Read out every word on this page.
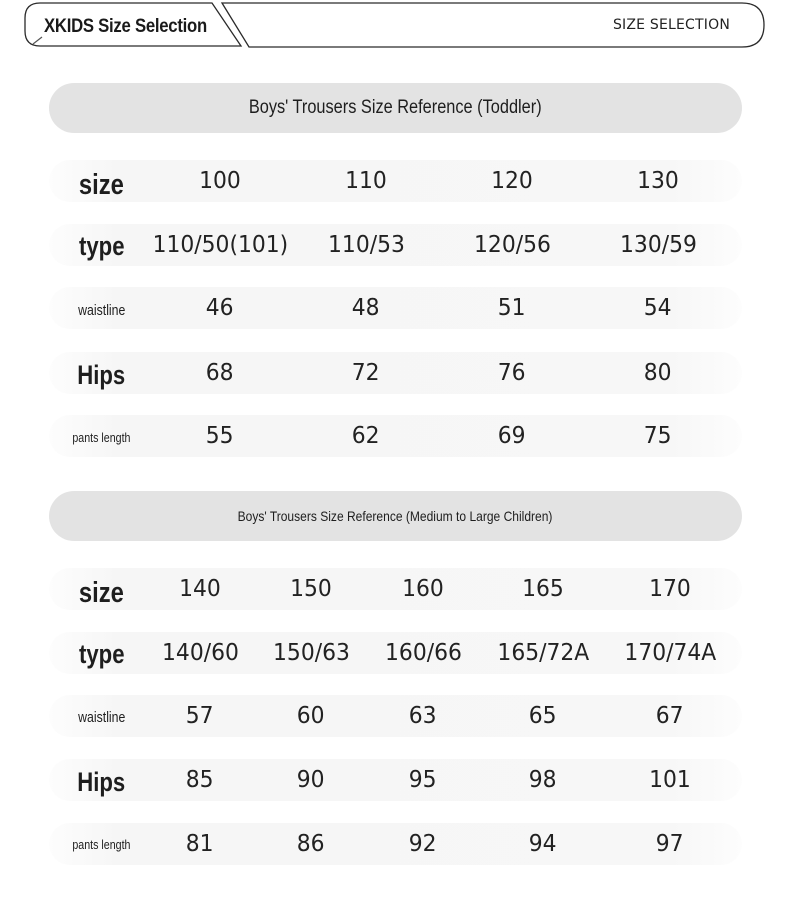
XKIDS Size Selection	SIZE SELECTION
Boys' Trousers Size Reference (Toddler)
size	100	110	120	130
type 110/50(101) 110/53	120/56	130/59
waistline	46	48	51	54
Hips	68	72	76	80
pants length	55	62	69	75
Boys' Trousers Size Reference (Medium to Large Children)
size 140	150	160	165	170
type 140/60 150/63 160/66 165/72A 170/74A
waistline	57	60	63	65	67
Hips	85	90	95	98	101
pants length 81	86	92	94	97
